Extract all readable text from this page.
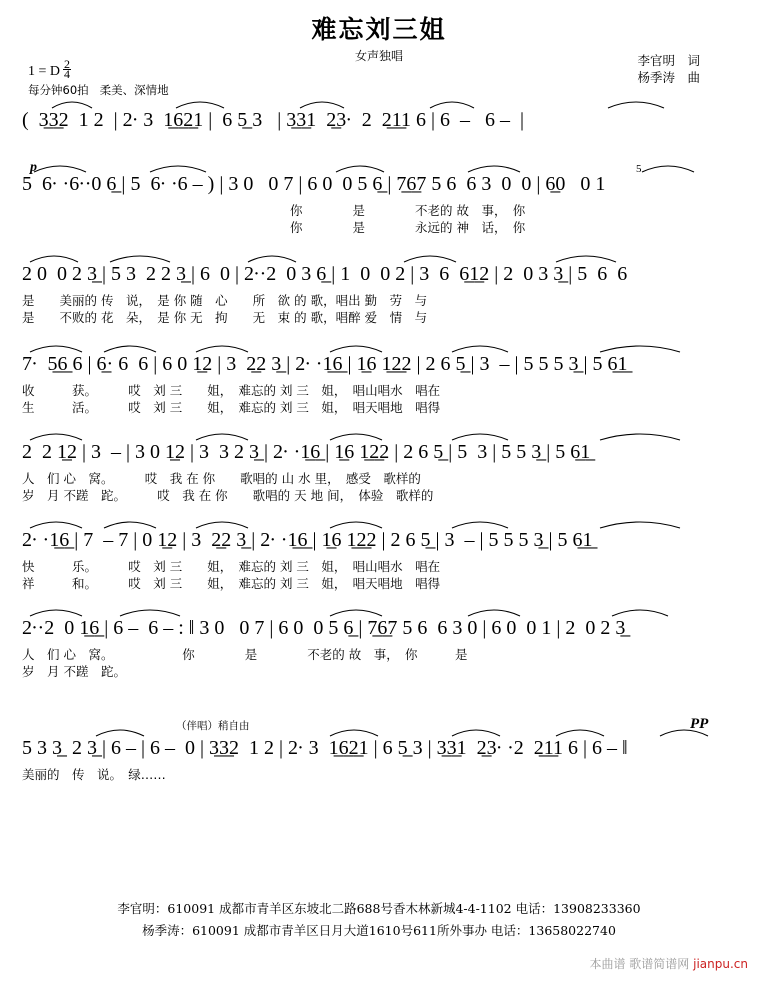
难忘刘三姐
女声独唱	李官明　词
杨季涛　曲
1 = D $\frac{2}{4}$
每分钟60拍 柔美、深情地
(  3̲3̲2  1 2  | 2· 3  1̲6̲2̲1 |  6 5̲ 3   | 3̲3̲1  2̲3·  2  2̲1̲1 6 | 6  –   6 –  |
p	5
5  6· ·6··0 6̲ | 5  6· ·6 – ) | 3 0   0 7 | 6 0  0 5 6̲ | 7̲6̲7 5 6  6 3  0  0 | 6̲0   0 1
你　　　　是　　　　不老的 故　事，　你
你　　　　是　　　　永远的 神　话，　你
2 0  0 2 3̲ | 5 3  2 2 3̲ | 6  0 | 2··2  0 3 6̲ | 1  0  0 2 | 3  6  6̲1̲2 | 2  0 3 3̲ | 5  6  6
是　　美丽的 传　说，　是 你 随　心　　所　欲 的 歌，唱出 勤　劳　与
是　　不败的 花　朵，　是 你 无　拘　　无　束 的 歌，唱醉 爱　情　与
7·  5̲6̲ 6 | 6̲· 6  6 | 6 0 1̲2 | 3  2̲2 3̲ | 2· ·1̲6̲ | 1̲6 1̲2̲2 | 2 6 5̲ | 3  – | 5 5 5 3̲ | 5 6̲1̲
收　　　获。　　　哎　刘 三　　姐，　难忘的 刘 三　姐，　唱山唱水　唱在
生　　　活。　　　哎　刘 三　　姐，　难忘的 刘 三　姐，　唱天唱地　唱得
2  2 1̲2 | 3  – | 3 0 1̲2 | 3  3 2 3̲ | 2· ·1̲6̲ | 1̲6 1̲2̲2 | 2 6 5̲ | 5  3 | 5 5 3̲ | 5 6̲1̲
人　们 心　窝。　　　哎　我 在 你　　歌唱的 山 水 里，　感受　歌样的
岁　月 不蹉　跎。　　　哎　我 在 你　　歌唱的 天 地 间，　体验　歌样的
2· ·1̲6̲ | 7  – 7 | 0 1̲2 | 3  2̲2 3̲ | 2· ·1̲6̲ | 1̲6 1̲2̲2 | 2 6 5̲ | 3  – | 5 5 5 3̲ | 5 6̲1̲
快　　　乐。　　　哎　刘 三　　姐，　难忘的 刘 三　姐，　唱山唱水　唱在
祥　　　和。　　　哎　刘 三　　姐，　难忘的 刘 三　姐，　唱天唱地　唱得
2··2  0 1̲6̲ | 6 –  6 – : ‖ 3 0   0 7 | 6 0  0 5 6̲ | 7̲6̲7 5 6  6 3 0 | 6 0  0 1 | 2  0 2 3̲
人　们 心　窝。　　　　　　你　　　　是　　　　不老的 故　事，　你　　　是
岁　月 不蹉　跎。
（伴唱）稍自由	PP
5 3 3̲  2 3̲ | 6 – | 6 –  0 | 3̲3̲2  1 2 | 2· 3  1̲6̲2̲1 | 6 5̲ 3 | 3̲3̲1  2̲3· ·2  2̲1̲1 6 | 6 – ‖
美丽的　传　说。　绿……
李官明：610091 成都市青羊区东坡北二路688号香木林新城4-4-1102 电话：13908233360
杨季涛：610091 成都市青羊区日月大道1610号611所外事办 电话：13658022740
本曲谱 歌谱简谱网 jianpu.cn
